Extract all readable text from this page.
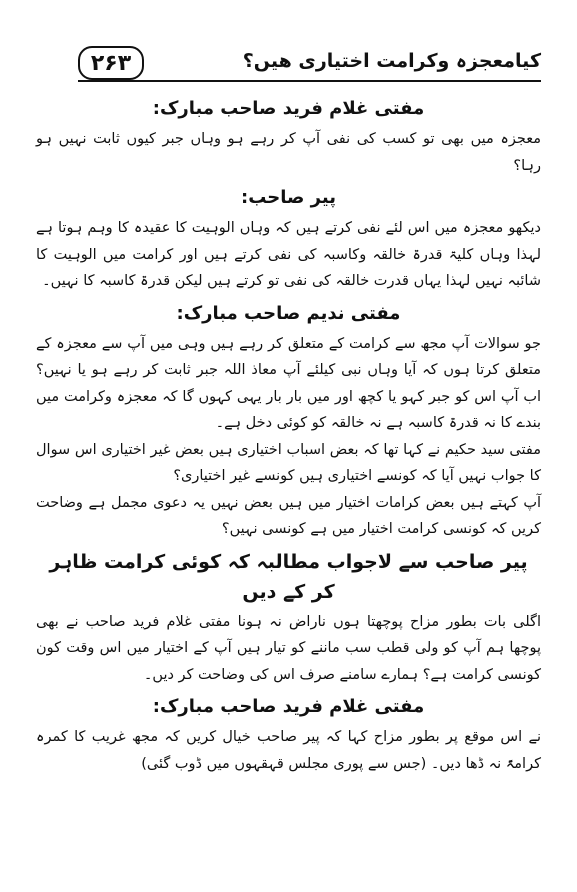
۲۶۳	کیامعجزہ وکرامت اختیاری ھیں؟
مفتی غلام فرید صاحب مبارک:

معجزہ میں بھی تو کسب کی نفی آپ کر رہے ہو وہاں جبر کیوں ثابت نہیں ہو رہا؟

پیر صاحب:

دیکھو معجزہ میں اس لئے نفی کرتے ہیں کہ وہاں الوہیت کا عقیدہ کا وہم ہوتا ہے لہذا وہاں کلیۃ قدرۃ خالقہ وکاسبہ کی نفی کرتے ہیں اور کرامت میں الوہیت کا شائبہ نہیں لہذا یہاں قدرت خالقہ کی نفی تو کرتے ہیں لیکن قدرۃ کاسبہ کا نہیں۔

مفتی ندیم صاحب مبارک:

جو سوالات آپ مجھ سے کرامت کے متعلق کر رہے ہیں وہی میں آپ سے معجزہ کے متعلق کرتا ہوں کہ آیا وہاں نبی کیلئے آپ معاذ اللہ جبر ثابت کر رہے ہو یا نہیں؟ اب آپ اس کو جبر کہو یا کچھ اور میں بار بار یہی کہوں گا کہ معجزہ وکرامت میں بندے کا نہ قدرۃ کاسبہ ہے نہ خالقہ کو کوئی دخل ہے۔

مفتی سید حکیم نے کہا تھا کہ بعض اسباب اختیاری ہیں بعض غیر اختیاری اس سوال کا جواب نہیں آیا کہ کونسے اختیاری ہیں کونسے غیر اختیاری؟

آپ کہتے ہیں بعض کرامات اختیار میں ہیں بعض نہیں یہ دعوی مجمل ہے وضاحت کریں کہ کونسی کرامت اختیار میں ہے کونسی نہیں؟

پیر صاحب سے لاجواب مطالبہ کہ کوئی کرامت ظاہر کر کے دیں

اگلی بات بطور مزاح پوچھتا ہوں ناراض نہ ہونا مفتی غلام فرید صاحب نے بھی پوچھا ہم آپ کو ولی قطب سب ماننے کو تیار ہیں آپ کے اختیار میں اس وقت کون کونسی کرامت ہے؟ ہمارے سامنے صرف اس کی وضاحت کر دیں۔

مفتی غلام فرید صاحب مبارک:

نے اس موقع پر بطور مزاح کہا کہ پیر صاحب خیال کریں کہ مجھ غریب کا کمرہ کرامۃً نہ ڈھا دیں۔ (جس سے پوری مجلس قہقہوں میں ڈوب گئی)
